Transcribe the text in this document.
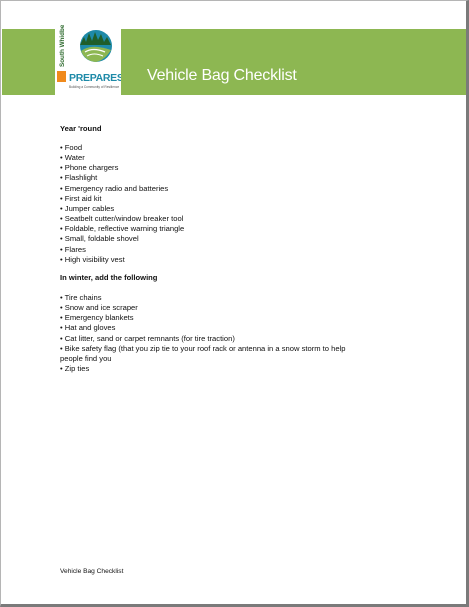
South Whidbey
PREPARES
Building a Community of Resilience
Vehicle Bag Checklist
Year 'round
• Food
• Water
• Phone chargers
• Flashlight
• Emergency radio and batteries
• First aid kit
• Jumper cables
• Seatbelt cutter/window breaker tool
• Foldable, reflective warning triangle
• Small, foldable shovel
• Flares
• High visibility vest
In winter, add the following
• Tire chains
• Snow and ice scraper
• Emergency blankets
• Hat and gloves
• Cat litter, sand or carpet remnants (for tire traction)
• Bike safety flag (that you zip tie to your roof rack or antenna in a snow storm to help people find you
• Zip ties
Vehicle Bag Checklist
